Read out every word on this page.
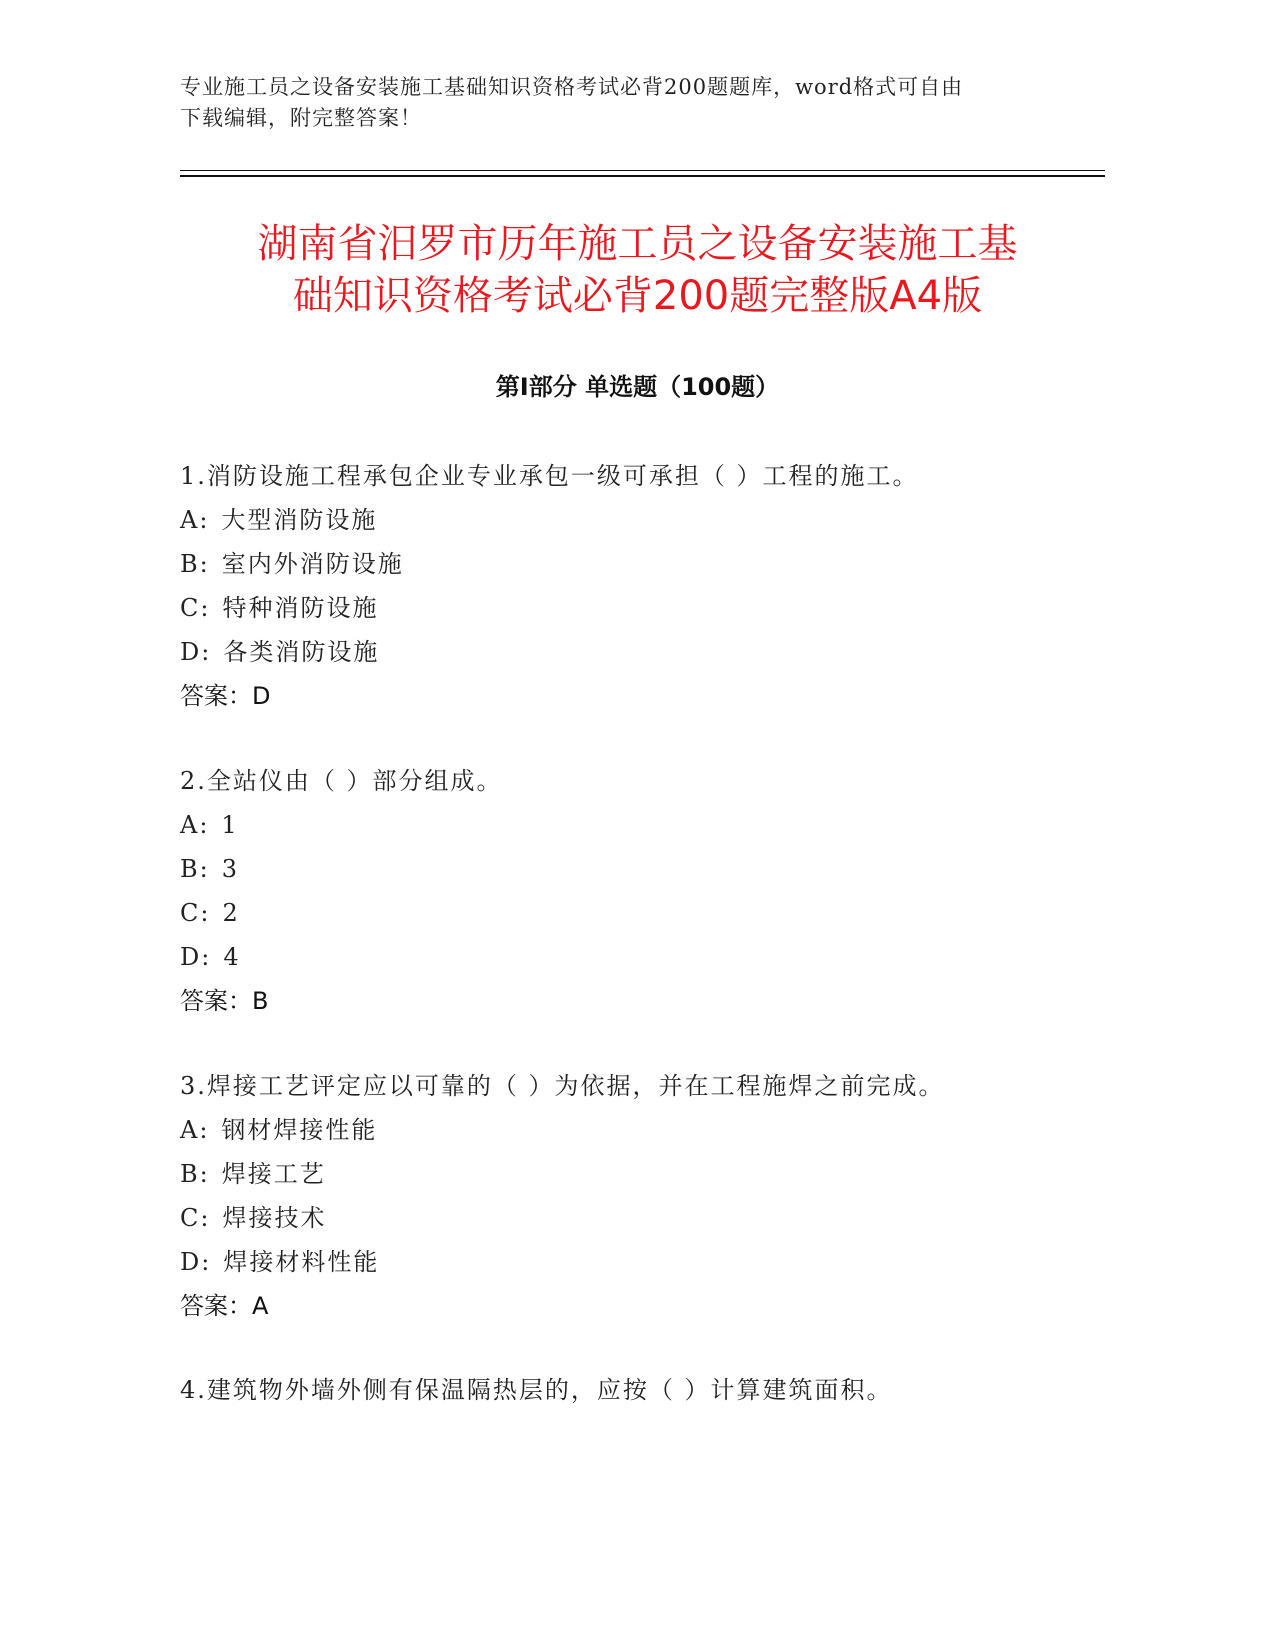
专业施工员之设备安装施工基础知识资格考试必背200题题库，word格式可自由
下载编辑，附完整答案！
湖南省汨罗市历年施工员之设备安装施工基
础知识资格考试必背200题完整版A4版
第Ⅰ部分 单选题（100题）
1.消防设施工程承包企业专业承包一级可承担（ ）工程的施工。
A: 大型消防设施
B: 室内外消防设施
C: 特种消防设施
D: 各类消防设施
答案：D
2.全站仪由（ ）部分组成。
A: 1
B: 3
C: 2
D: 4
答案：B
3.焊接工艺评定应以可靠的（ ）为依据，并在工程施焊之前完成。
A: 钢材焊接性能
B: 焊接工艺
C: 焊接技术
D: 焊接材料性能
答案：A
4.建筑物外墙外侧有保温隔热层的，应按（ ）计算建筑面积。
